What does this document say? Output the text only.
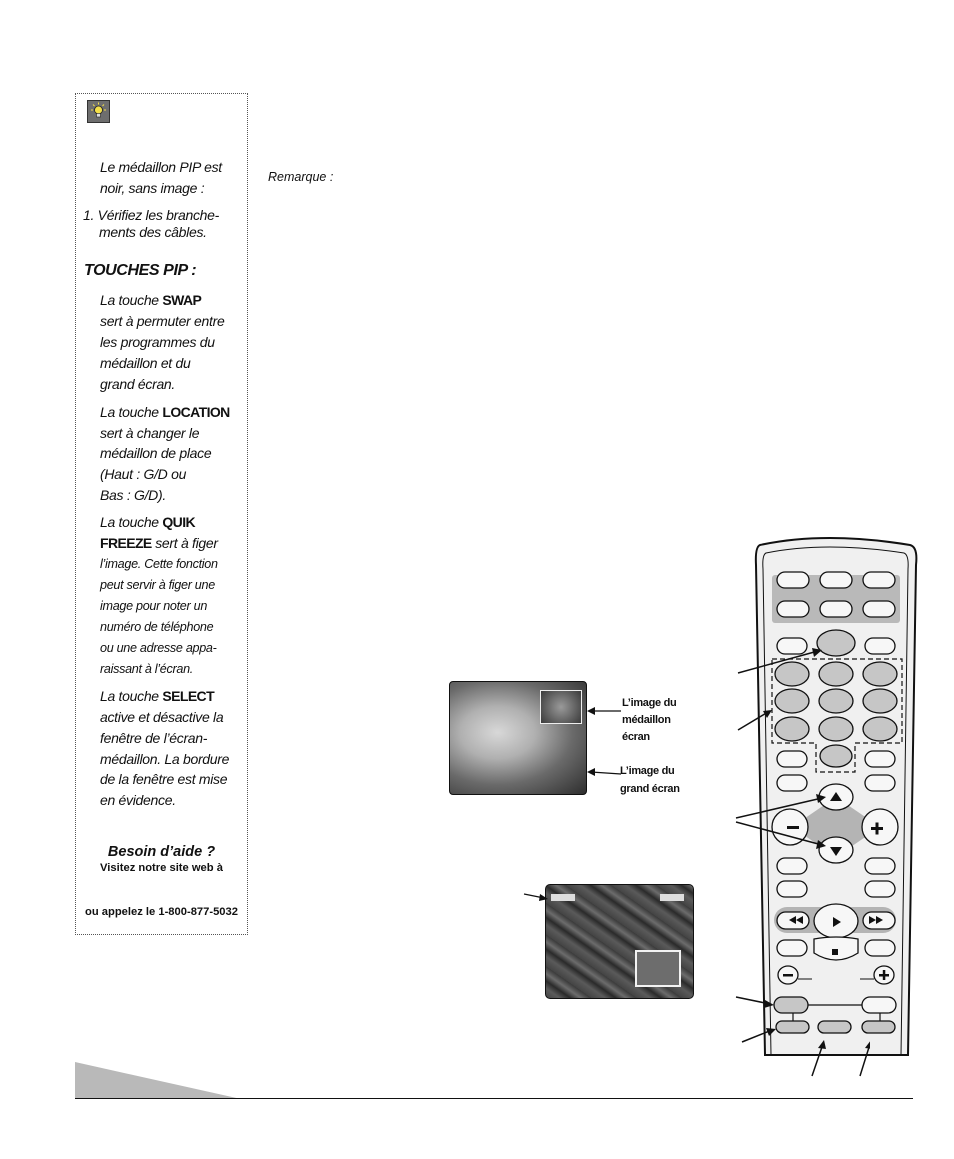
Le médaillon PIP est
noir, sans image :
1. Vérifiez les branche-
ments des câbles.
TOUCHES PIP :
La touche SWAP
sert à permuter entre
les programmes du
médaillon et du
grand écran.
La touche LOCATION
sert à changer le
médaillon de place
(Haut : G/D ou
Bas : G/D).
La touche QUIK
FREEZE sert à figer
l’image. Cette fonction
peut servir à figer une
image pour noter un
numéro de téléphone
ou une adresse appa-
raissant à l’écran.
La touche SELECT
active et désactive la
fenêtre de l’écran-
médaillon. La bordure
de la fenêtre est mise
en évidence.
Besoin d’aide ?
Visitez notre site web à
ou appelez le 1-800-877-5032
Remarque :
L’image du
médaillon
écran
L’image du
grand écran
